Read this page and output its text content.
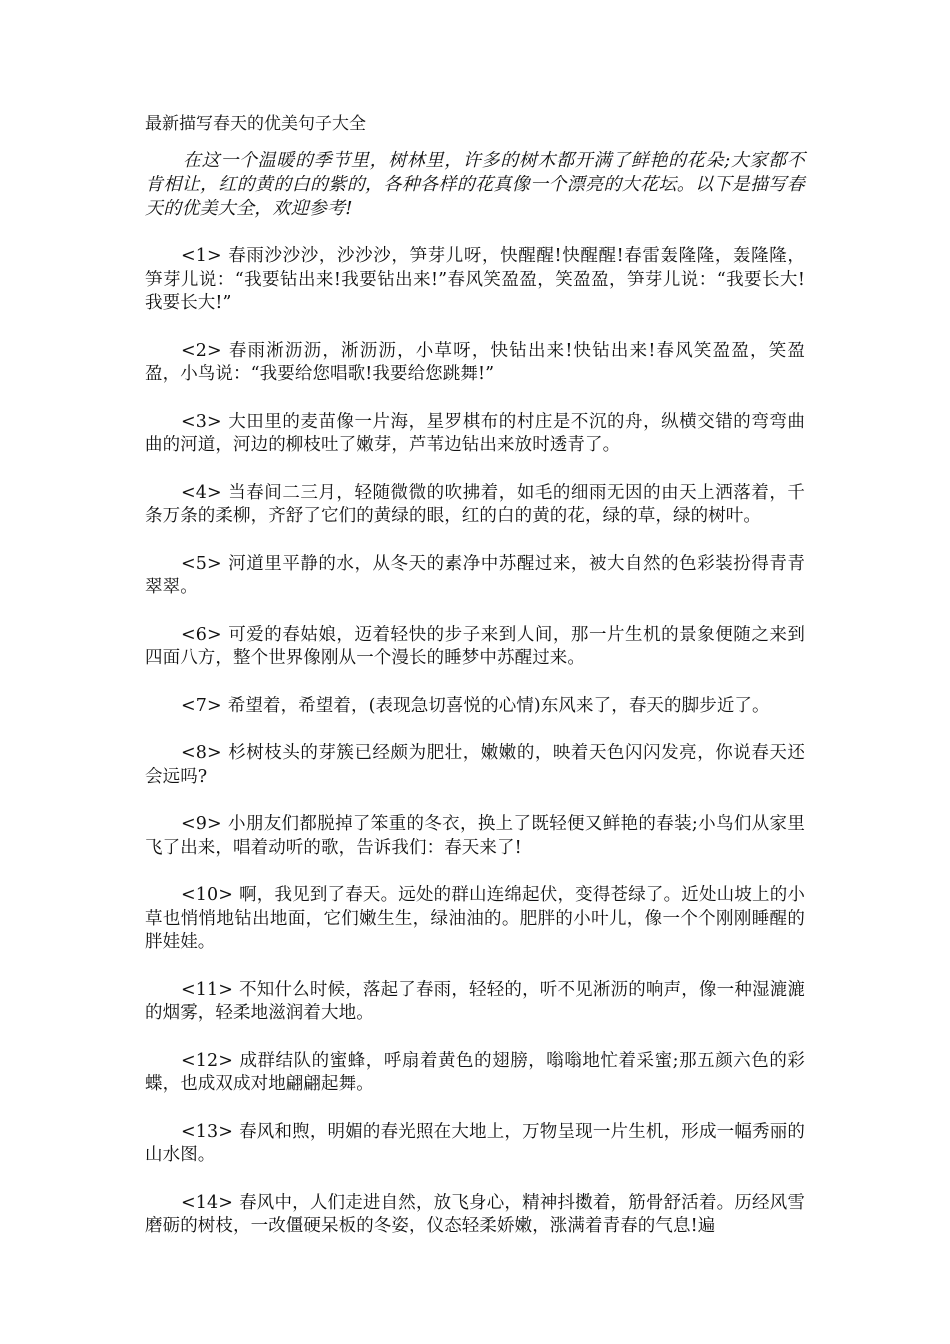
最新描写春天的优美句子大全

在这一个温暖的季节里，树林里，许多的树木都开满了鲜艳的花朵;大家都不肯相让，红的黄的白的紫的，各种各样的花真像一个漂亮的大花坛。以下是描写春天的优美大全，欢迎参考!

<1> 春雨沙沙沙，沙沙沙，笋芽儿呀，快醒醒!快醒醒!春雷轰隆隆，轰隆隆，笋芽儿说：“我要钻出来!我要钻出来!”春风笑盈盈，笑盈盈，笋芽儿说：“我要长大!我要长大!”

<2> 春雨淅沥沥，淅沥沥，小草呀，快钻出来!快钻出来!春风笑盈盈，笑盈盈，小鸟说：“我要给您唱歌!我要给您跳舞!”

<3> 大田里的麦苗像一片海，星罗棋布的村庄是不沉的舟，纵横交错的弯弯曲曲的河道，河边的柳枝吐了嫩芽，芦苇边钻出来放时透青了。

<4> 当春间二三月，轻随微微的吹拂着，如毛的细雨无因的由天上洒落着，千条万条的柔柳，齐舒了它们的黄绿的眼，红的白的黄的花，绿的草，绿的树叶。

<5> 河道里平静的水，从冬天的素净中苏醒过来，被大自然的色彩装扮得青青翠翠。

<6> 可爱的春姑娘，迈着轻快的步子来到人间，那一片生机的景象便随之来到四面八方，整个世界像刚从一个漫长的睡梦中苏醒过来。

<7> 希望着，希望着，(表现急切喜悦的心情)东风来了，春天的脚步近了。

<8> 杉树枝头的芽簇已经颇为肥壮，嫩嫩的，映着天色闪闪发亮，你说春天还会远吗?

<9> 小朋友们都脱掉了笨重的冬衣，换上了既轻便又鲜艳的春装;小鸟们从家里飞了出来，唱着动听的歌，告诉我们：春天来了!

<10> 啊，我见到了春天。远处的群山连绵起伏，变得苍绿了。近处山坡上的小草也悄悄地钻出地面，它们嫩生生，绿油油的。肥胖的小叶儿，像一个个刚刚睡醒的胖娃娃。

<11> 不知什么时候，落起了春雨，轻轻的，听不见淅沥的响声，像一种湿漉漉的烟雾，轻柔地滋润着大地。

<12> 成群结队的蜜蜂，呼扇着黄色的翅膀，嗡嗡地忙着采蜜;那五颜六色的彩蝶，也成双成对地翩翩起舞。

<13> 春风和煦，明媚的春光照在大地上，万物呈现一片生机，形成一幅秀丽的山水图。

<14> 春风中，人们走进自然，放飞身心，精神抖擞着，筋骨舒活着。历经风雪磨砺的树枝，一改僵硬呆板的冬姿，仪态轻柔娇嫩，涨满着青春的气息!遍
